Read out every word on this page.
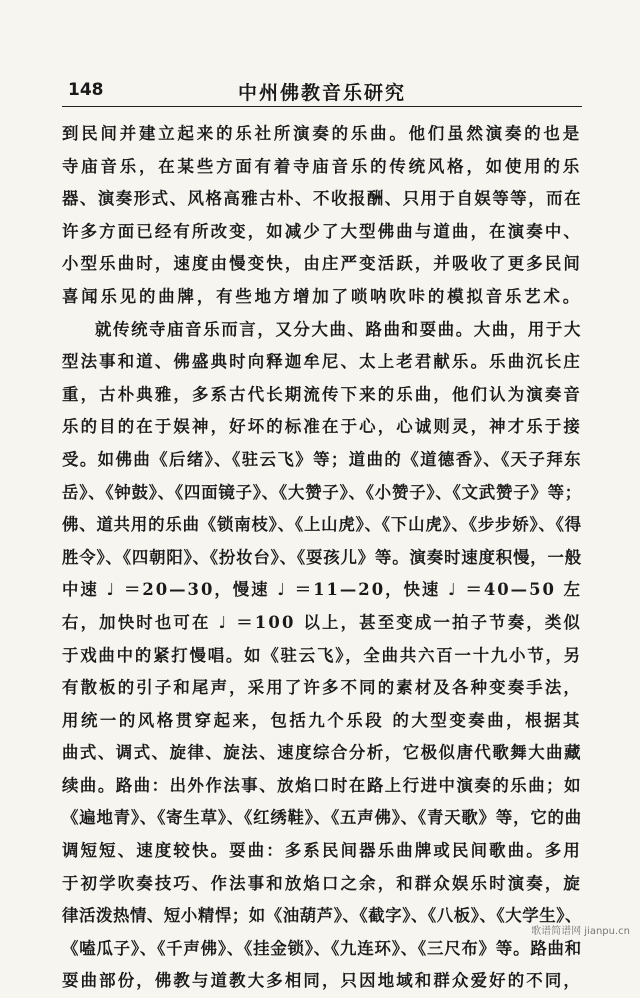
148	中州佛教音乐研究
到民间并建立起来的乐社所演奏的乐曲。他们虽然演奏的也是
寺庙音乐，在某些方面有着寺庙音乐的传统风格，如使用的乐
器、演奏形式、风格高雅古朴、不收报酬、只用于自娱等等，而在
许多方面已经有所改变，如减少了大型佛曲与道曲，在演奏中、
小型乐曲时，速度由慢变快，由庄严变活跃，并吸收了更多民间
喜闻乐见的曲牌，有些地方增加了唢呐吹咔的模拟音乐艺术。
就传统寺庙音乐而言，又分大曲、路曲和耍曲。大曲，用于大
型法事和道、佛盛典时向释迦牟尼、太上老君献乐。乐曲沉长庄
重，古朴典雅，多系古代长期流传下来的乐曲，他们认为演奏音
乐的目的在于娱神，好坏的标准在于心，心诚则灵，神才乐于接
受。如佛曲《后绪》、《驻云飞》等；道曲的《道德香》、《天子拜东
岳》、《钟鼓》、《四面镜子》、《大赞子》、《小赞子》、《文武赞子》等；
佛、道共用的乐曲《锁南枝》、《上山虎》、《下山虎》、《步步娇》、《得
胜令》、《四朝阳》、《扮妆台》、《耍孩儿》等。演奏时速度积慢，一般
中速 ♩ ＝20—30，慢速 ♩ ＝11—20，快速 ♩ ＝40—50 左
右，加快时也可在 ♩ ＝100 以上，甚至变成一拍子节奏，类似
于戏曲中的紧打慢唱。如《驻云飞》，全曲共六百一十九小节，另
有散板的引子和尾声，采用了许多不同的素材及各种变奏手法，
用统一的风格贯穿起来，包括九个乐段 的大型变奏曲，根据其
曲式、调式、旋律、旋法、速度综合分析，它极似唐代歌舞大曲藏
续曲。路曲：出外作法事、放焰口时在路上行进中演奏的乐曲；如
《遍地青》、《寄生草》、《红绣鞋》、《五声佛》、《青天歌》等，它的曲
调短短、速度较快。耍曲：多系民间器乐曲牌或民间歌曲。多用
于初学吹奏技巧、作法事和放焰口之余，和群众娱乐时演奏，旋
律活泼热情、短小精悍；如《油葫芦》、《截字》、《八板》、《大学生》、
《嗑瓜子》、《千声佛》、《挂金锁》、《九连环》、《三尺布》等。路曲和
耍曲部份，佛教与道教大多相同，只因地域和群众爱好的不同，
歌谱简谱网 jianpu.cn
